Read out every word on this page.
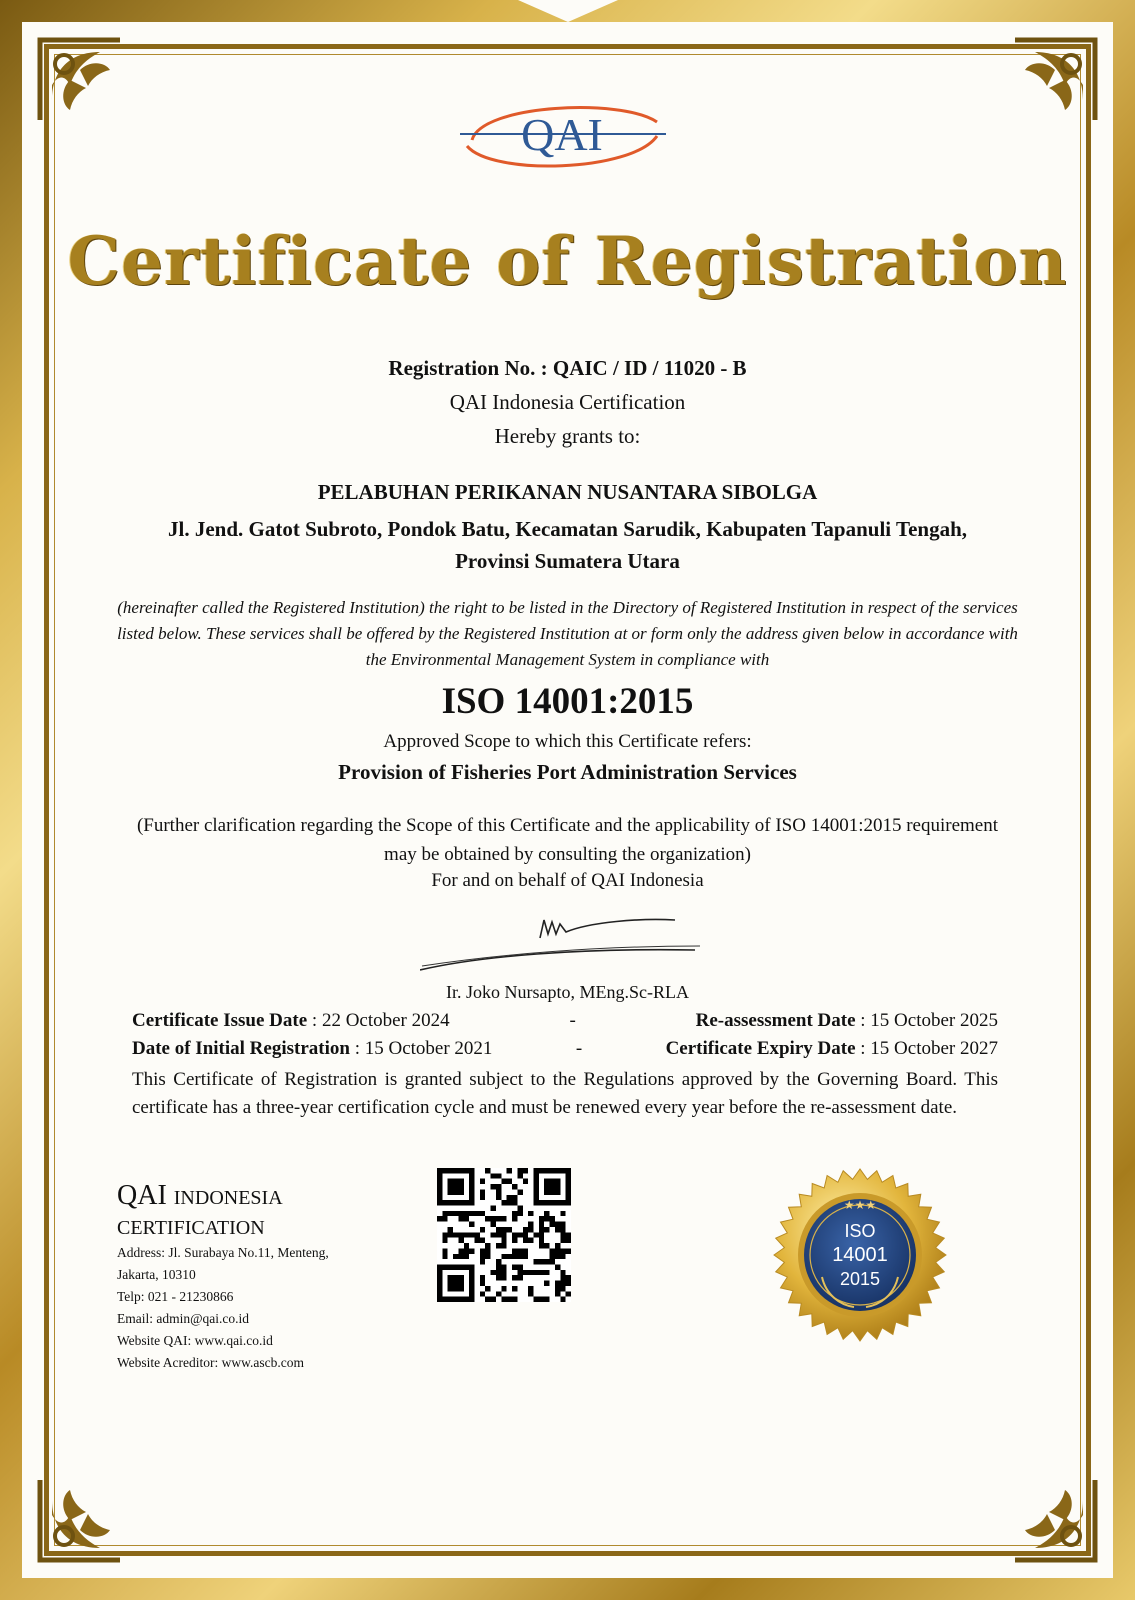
QAI
Certificate of Registration
Registration No. : QAIC / ID / 11020 - B
QAI Indonesia Certification
Hereby grants to:
PELABUHAN PERIKANAN NUSANTARA SIBOLGA
Jl. Jend. Gatot Subroto, Pondok Batu, Kecamatan Sarudik, Kabupaten Tapanuli Tengah, Provinsi Sumatera Utara
(hereinafter called the Registered Institution) the right to be listed in the Directory of Registered Institution in respect of the services listed below. These services shall be offered by the Registered Institution at or form only the address given below in accordance with the Environmental Management System in compliance with
ISO 14001:2015
Approved Scope to which this Certificate refers:
Provision of Fisheries Port Administration Services
(Further clarification regarding the Scope of this Certificate and the applicability of ISO 14001:2015 requirement may be obtained by consulting the organization)
For and on behalf of QAI Indonesia
Ir. Joko Nursapto, MEng.Sc-RLA
Certificate Issue Date : 22 October 2024	-	Re-assessment Date : 15 October 2025
Date of Initial Registration : 15 October 2021	-	Certificate Expiry Date : 15 October 2027
This Certificate of Registration is granted subject to the Regulations approved by the Governing Board. This certificate has a three-year certification cycle and must be renewed every year before the re-assessment date.
QAI INDONESIA
CERTIFICATION
Address: Jl. Surabaya No.11, Menteng,
Jakarta, 10310
Telp: 021 - 21230866
Email: admin@qai.co.id
Website QAI: www.qai.co.id
Website Acreditor: www.ascb.com
★★★
ISO
14001
2015
